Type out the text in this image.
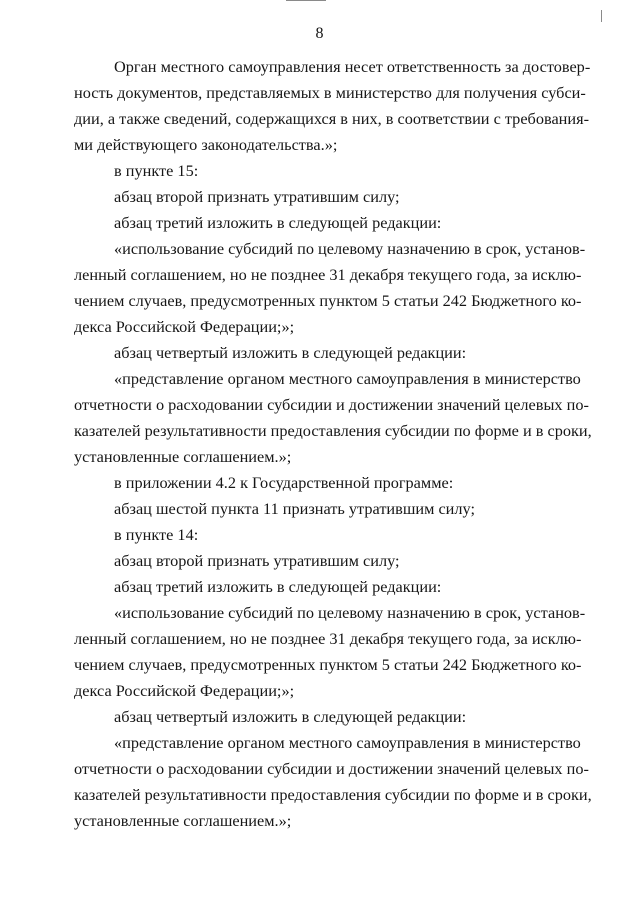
8
Орган местного самоуправления несет ответственность за достовер-
ность документов, представляемых в министерство для получения субси-
дии, а также сведений, содержащихся в них, в соответствии с требования-
ми действующего законодательства.»;
в пункте 15:
абзац второй признать утратившим силу;
абзац третий изложить в следующей редакции:
«использование субсидий по целевому назначению в срок, установ-
ленный соглашением, но не позднее 31 декабря текущего года, за исклю-
чением случаев, предусмотренных пунктом 5 статьи 242 Бюджетного ко-
декса Российской Федерации;»;
абзац четвертый изложить в следующей редакции:
«представление органом местного самоуправления в министерство
отчетности о расходовании субсидии и достижении значений целевых по-
казателей результативности предоставления субсидии по форме и в сроки,
установленные соглашением.»;
в приложении 4.2 к Государственной программе:
абзац шестой пункта 11 признать утратившим силу;
в пункте 14:
абзац второй признать утратившим силу;
абзац третий изложить в следующей редакции:
«использование субсидий по целевому назначению в срок, установ-
ленный соглашением, но не позднее 31 декабря текущего года, за исклю-
чением случаев, предусмотренных пунктом 5 статьи 242 Бюджетного ко-
декса Российской Федерации;»;
абзац четвертый изложить в следующей редакции:
«представление органом местного самоуправления в министерство
отчетности о расходовании субсидии и достижении значений целевых по-
казателей результативности предоставления субсидии по форме и в сроки,
установленные соглашением.»;
